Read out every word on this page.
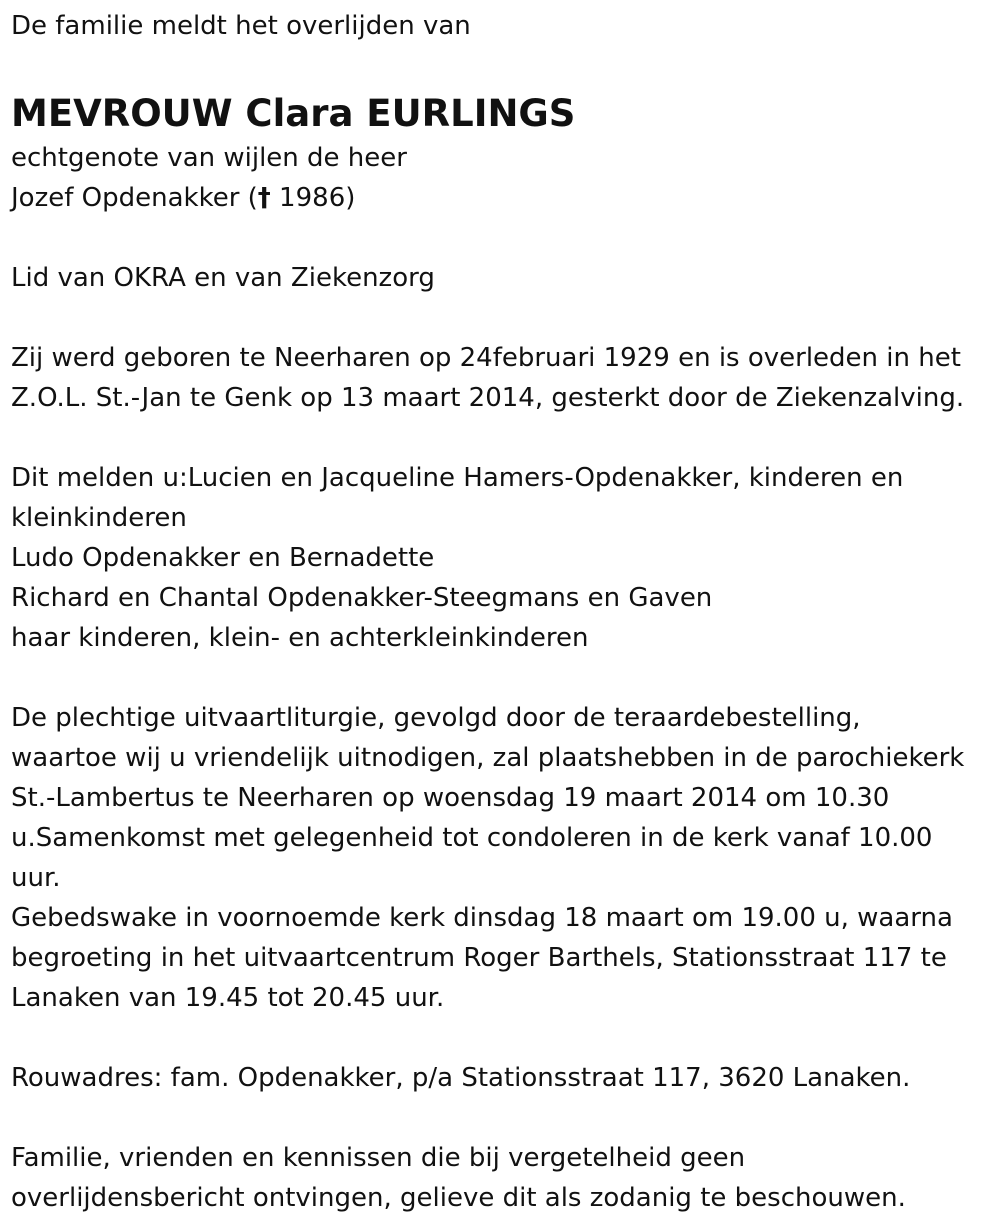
De familie meldt het overlijden van
MEVROUW Clara EURLINGS
echtgenote van wijlen de heer
Jozef Opdenakker († 1986)
Lid van OKRA en van Ziekenzorg
Zij werd geboren te Neerharen op 24februari 1929 en is overleden in het
Z.O.L. St.-Jan te Genk op 13 maart 2014, gesterkt door de Ziekenzalving.
Dit melden u:Lucien en Jacqueline Hamers-Opdenakker, kinderen en
kleinkinderen
Ludo Opdenakker en Bernadette
Richard en Chantal Opdenakker-Steegmans en Gaven
haar kinderen, klein- en achterkleinkinderen
De plechtige uitvaartliturgie, gevolgd door de teraardebestelling,
waartoe wij u vriendelijk uitnodigen, zal plaatshebben in de parochiekerk
St.-Lambertus te Neerharen op woensdag 19 maart 2014 om 10.30
u.Samenkomst met gelegenheid tot condoleren in de kerk vanaf 10.00
uur.
Gebedswake in voornoemde kerk dinsdag 18 maart om 19.00 u, waarna
begroeting in het uitvaartcentrum Roger Barthels, Stationsstraat 117 te
Lanaken van 19.45 tot 20.45 uur.
Rouwadres: fam. Opdenakker, p/a Stationsstraat 117, 3620 Lanaken.
Familie, vrienden en kennissen die bij vergetelheid geen
overlijdensbericht ontvingen, gelieve dit als zodanig te beschouwen.
